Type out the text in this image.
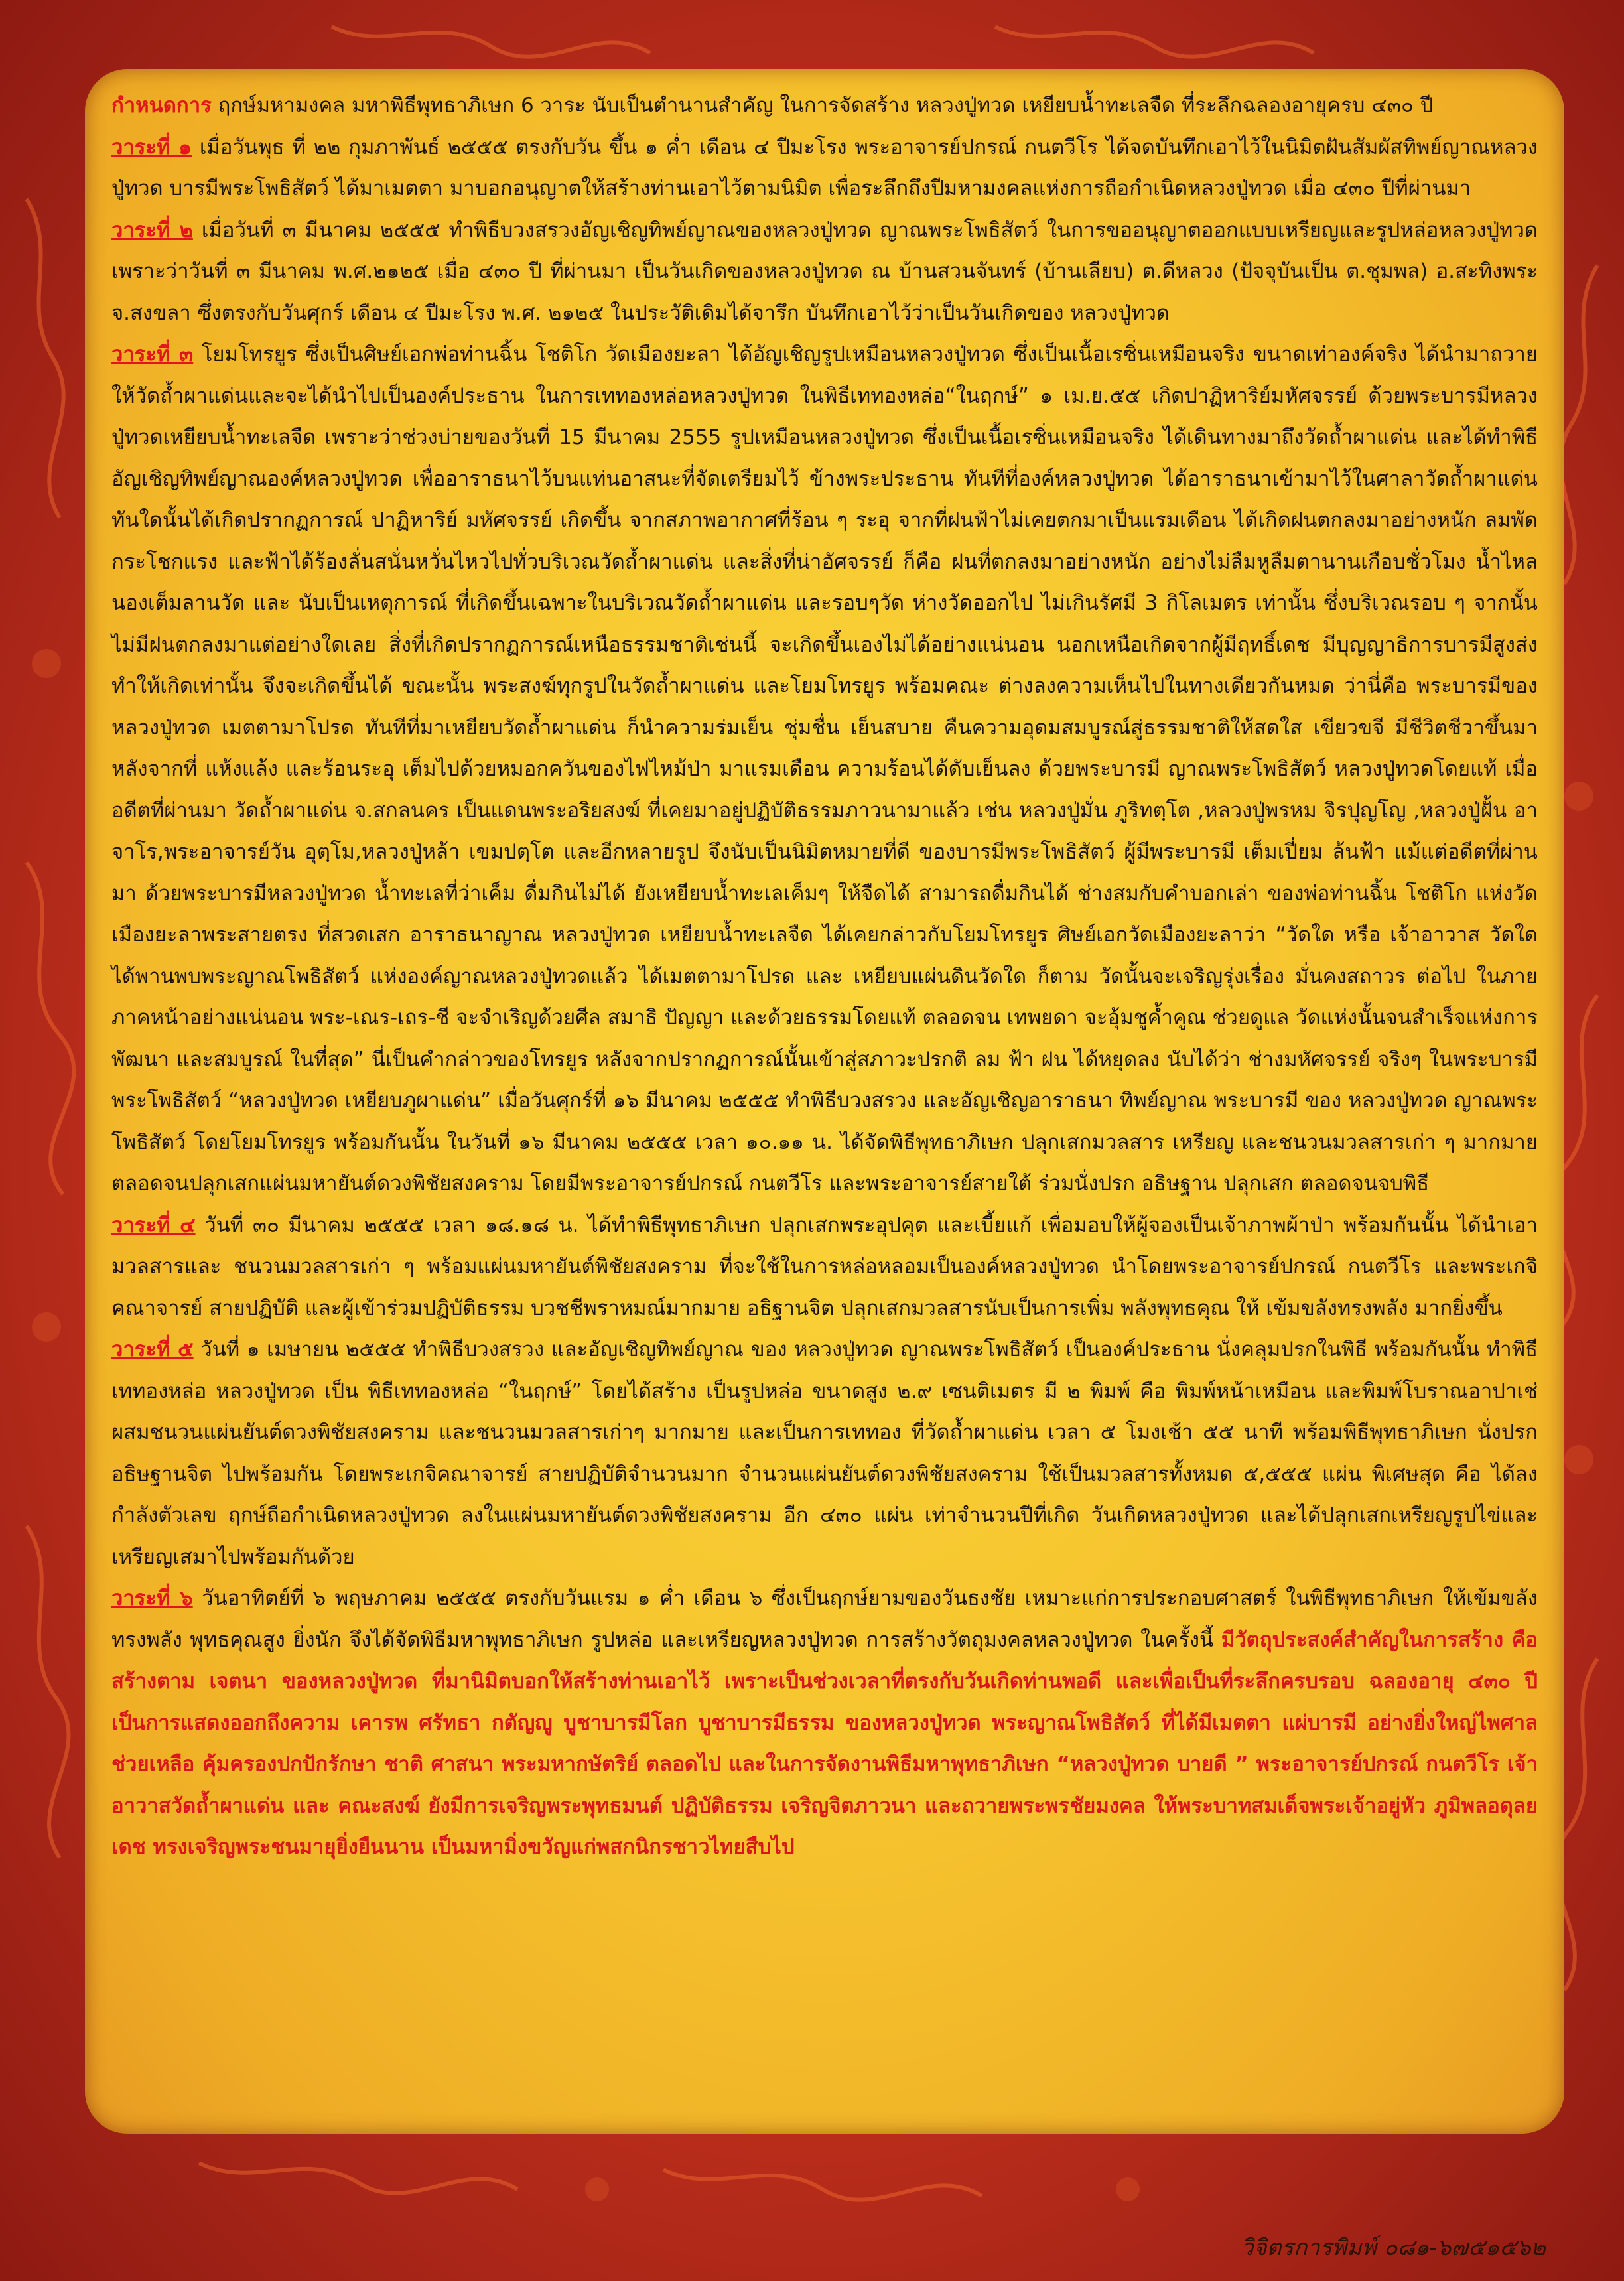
กำหนดการ ฤกษ์มหามงคล มหาพิธีพุทธาภิเษก 6 วาระ นับเป็นตำนานสำคัญ ในการจัดสร้าง หลวงปู่ทวด เหยียบน้ำทะเลจืด ที่ระลึกฉลองอายุครบ ๔๓๐ ปี

วาระที่ ๑ เมื่อวันพุธ ที่ ๒๒ กุมภาพันธ์ ๒๕๕๕ ตรงกับวัน ขึ้น ๑ ค่ำ เดือน ๔ ปีมะโรง พระอาจารย์ปกรณ์ กนตวีโร ได้จดบันทึกเอาไว้ในนิมิตฝันสัมผัสทิพย์ญาณหลวงปู่ทวด บารมีพระโพธิสัตว์ ได้มาเมตตา มาบอกอนุญาตให้สร้างท่านเอาไว้ตามนิมิต เพื่อระลึกถึงปีมหามงคลแห่งการถือกำเนิดหลวงปู่ทวด เมื่อ ๔๓๐ ปีที่ผ่านมา

วาระที่ ๒ เมื่อวันที่ ๓ มีนาคม ๒๕๕๕ ทำพิธีบวงสรวงอัญเชิญทิพย์ญาณของหลวงปู่ทวด ญาณพระโพธิสัตว์ ในการขออนุญาตออกแบบเหรียญและรูปหล่อหลวงปู่ทวด เพราะว่าวันที่ ๓ มีนาคม พ.ศ.๒๑๒๕ เมื่อ ๔๓๐ ปี ที่ผ่านมา เป็นวันเกิดของหลวงปู่ทวด ณ บ้านสวนจันทร์ (บ้านเลียบ) ต.ดีหลวง (ปัจจุบันเป็น ต.ชุมพล) อ.สะทิงพระ จ.สงขลา ซึ่งตรงกับวันศุกร์ เดือน ๔ ปีมะโรง พ.ศ. ๒๑๒๕ ในประวัติเดิมได้จารึก บันทึกเอาไว้ว่าเป็นวันเกิดของ หลวงปู่ทวด

วาระที่ ๓ โยมโทรยูร ซึ่งเป็นศิษย์เอกพ่อท่านฉิ้น โชติโก วัดเมืองยะลา ได้อัญเชิญรูปเหมือนหลวงปู่ทวด ซึ่งเป็นเนื้อเรซิ่นเหมือนจริง ขนาดเท่าองค์จริง ได้นำมาถวายให้วัดถ้ำผาแด่นและจะได้นำไปเป็นองค์ประธาน ในการเททองหล่อหลวงปู่ทวด ในพิธีเททองหล่อ“ในฤกษ์” ๑ เม.ย.๕๕ เกิดปาฏิหาริย์มหัศจรรย์ ด้วยพระบารมีหลวงปู่ทวดเหยียบน้ำทะเลจืด เพราะว่าช่วงบ่ายของวันที่ 15 มีนาคม 2555 รูปเหมือนหลวงปู่ทวด ซึ่งเป็นเนื้อเรซิ่นเหมือนจริง ได้เดินทางมาถึงวัดถ้ำผาแด่น และได้ทำพิธีอัญเชิญทิพย์ญาณองค์หลวงปู่ทวด เพื่ออาราธนาไว้บนแท่นอาสนะที่จัดเตรียมไว้ ข้างพระประธาน ทันทีที่องค์หลวงปู่ทวด ได้อาราธนาเข้ามาไว้ในศาลาวัดถ้ำผาแด่น ทันใดนั้นได้เกิดปรากฏการณ์ ปาฏิหาริย์ มหัศจรรย์ เกิดขึ้น จากสภาพอากาศที่ร้อน ๆ ระอุ จากที่ฝนฟ้าไม่เคยตกมาเป็นแรมเดือน ได้เกิดฝนตกลงมาอย่างหนัก ลมพัดกระโชกแรง และฟ้าได้ร้องลั่นสนั่นหวั่นไหวไปทั่วบริเวณวัดถ้ำผาแด่น และสิ่งที่น่าอัศจรรย์ ก็คือ ฝนที่ตกลงมาอย่างหนัก อย่างไม่ลืมหูลืมตานานเกือบชั่วโมง น้ำไหลนองเต็มลานวัด และ นับเป็นเหตุการณ์ ที่เกิดขึ้นเฉพาะในบริเวณวัดถ้ำผาแด่น และรอบๆวัด ห่างวัดออกไป ไม่เกินรัศมี 3 กิโลเมตร เท่านั้น ซึ่งบริเวณรอบ ๆ จากนั้น ไม่มีฝนตกลงมาแต่อย่างใดเลย สิ่งที่เกิดปรากฏการณ์เหนือธรรมชาติเช่นนี้ จะเกิดขึ้นเองไม่ได้อย่างแน่นอน นอกเหนือเกิดจากผู้มีฤทธิ์เดช มีบุญญาธิการบารมีสูงส่ง ทำให้เกิดเท่านั้น จึงจะเกิดขึ้นได้ ขณะนั้น พระสงฆ์ทุกรูปในวัดถ้ำผาแด่น และโยมโทรยูร พร้อมคณะ ต่างลงความเห็นไปในทางเดียวกันหมด ว่านี่คือ พระบารมีของหลวงปู่ทวด เมตตามาโปรด ทันทีที่มาเหยียบวัดถ้ำผาแด่น ก็นำความร่มเย็น ชุ่มชื่น เย็นสบาย คืนความอุดมสมบูรณ์สู่ธรรมชาติให้สดใส เขียวขจี มีชีวิตชีวาขึ้นมา หลังจากที่ แห้งแล้ง และร้อนระอุ เต็มไปด้วยหมอกควันของไฟไหม้ป่า มาแรมเดือน ความร้อนได้ดับเย็นลง ด้วยพระบารมี ญาณพระโพธิสัตว์ หลวงปู่ทวดโดยแท้ เมื่ออดีตที่ผ่านมา วัดถ้ำผาแด่น จ.สกลนคร เป็นแดนพระอริยสงฆ์ ที่เคยมาอยู่ปฏิบัติธรรมภาวนามาแล้ว เช่น หลวงปู่มั่น ภูริทตฺโต ,หลวงปู่พรหม จิรปุญโญ ,หลวงปู่ฝั้น อาจาโร,พระอาจารย์วัน อุตฺโม,หลวงปู่หล้า เขมปตฺโต และอีกหลายรูป จึงนับเป็นนิมิตหมายที่ดี ของบารมีพระโพธิสัตว์ ผู้มีพระบารมี เต็มเปี่ยม ล้นฟ้า แม้แต่อดีตที่ผ่านมา ด้วยพระบารมีหลวงปู่ทวด น้ำทะเลที่ว่าเค็ม ดื่มกินไม่ได้ ยังเหยียบน้ำทะเลเค็มๆ ให้จืดได้ สามารถดื่มกินได้ ช่างสมกับคำบอกเล่า ของพ่อท่านฉิ้น โชติโก แห่งวัดเมืองยะลาพระสายตรง ที่สวดเสก อาราธนาญาณ หลวงปู่ทวด เหยียบน้ำทะเลจืด ได้เคยกล่าวกับโยมโทรยูร ศิษย์เอกวัดเมืองยะลาว่า “วัดใด หรือ เจ้าอาวาส วัดใด ได้พานพบพระญาณโพธิสัตว์ แห่งองค์ญาณหลวงปู่ทวดแล้ว ได้เมตตามาโปรด และ เหยียบแผ่นดินวัดใด ก็ตาม วัดนั้นจะเจริญรุ่งเรื่อง มั่นคงสถาวร ต่อไป ในภายภาคหน้าอย่างแน่นอน พระ-เณร-เถร-ชี จะจำเริญด้วยศีล สมาธิ ปัญญา และด้วยธรรมโดยแท้ ตลอดจน เทพยดา จะอุ้มชูค้ำคูณ ช่วยดูแล วัดแห่งนั้นจนสำเร็จแห่งการพัฒนา และสมบูรณ์ ในที่สุด” นี่เป็นคำกล่าวของโทรยูร หลังจากปรากฏการณ์นั้นเข้าสู่สภาวะปรกติ ลม ฟ้า ฝน ได้หยุดลง นับได้ว่า ช่างมหัศจรรย์ จริงๆ ในพระบารมีพระโพธิสัตว์ “หลวงปู่ทวด เหยียบภูผาแด่น” เมื่อวันศุกร์ที่ ๑๖ มีนาคม ๒๕๕๕ ทำพิธีบวงสรวง และอัญเชิญอาราธนา ทิพย์ญาณ พระบารมี ของ หลวงปู่ทวด ญาณพระโพธิสัตว์ โดยโยมโทรยูร พร้อมกันนั้น ในวันที่ ๑๖ มีนาคม ๒๕๕๕ เวลา ๑๐.๑๑ น. ได้จัดพิธีพุทธาภิเษก ปลุกเสกมวลสาร เหรียญ และชนวนมวลสารเก่า ๆ มากมาย ตลอดจนปลุกเสกแผ่นมหายันต์ดวงพิชัยสงคราม โดยมีพระอาจารย์ปกรณ์ กนตวีโร และพระอาจารย์สายใต้ ร่วมนั่งปรก อธิษฐาน ปลุกเสก ตลอดจนจบพิธี

วาระที่ ๔ วันที่ ๓๐ มีนาคม ๒๕๕๕ เวลา ๑๘.๑๘ น. ได้ทำพิธีพุทธาภิเษก ปลุกเสกพระอุปคุต และเบี้ยแก้ เพื่อมอบให้ผู้จองเป็นเจ้าภาพผ้าป่า พร้อมกันนั้น ได้นำเอามวลสารและ ชนวนมวลสารเก่า ๆ พร้อมแผ่นมหายันต์พิชัยสงคราม ที่จะใช้ในการหล่อหลอมเป็นองค์หลวงปู่ทวด นำโดยพระอาจารย์ปกรณ์ กนตวีโร และพระเกจิคณาจารย์ สายปฏิบัติ และผู้เข้าร่วมปฏิบัติธรรม บวชชีพราหมณ์มากมาย อธิฐานจิต ปลุกเสกมวลสารนับเป็นการเพิ่ม พลังพุทธคุณ ให้ เข้มขลังทรงพลัง มากยิ่งขึ้น

วาระที่ ๕ วันที่ ๑ เมษายน ๒๕๕๕ ทำพิธีบวงสรวง และอัญเชิญทิพย์ญาณ ของ หลวงปู่ทวด ญาณพระโพธิสัตว์ เป็นองค์ประธาน นั่งคลุมปรกในพิธี พร้อมกันนั้น ทำพิธีเททองหล่อ หลวงปู่ทวด เป็น พิธีเททองหล่อ “ในฤกษ์” โดยได้สร้าง เป็นรูปหล่อ ขนาดสูง ๒.๙ เซนติเมตร มี ๒ พิมพ์ คือ พิมพ์หน้าเหมือน และพิมพ์โบราณอาปาเช่ ผสมชนวนแผ่นยันต์ดวงพิชัยสงคราม และชนวนมวลสารเก่าๆ มากมาย และเป็นการเททอง ที่วัดถ้ำผาแด่น เวลา ๕ โมงเช้า ๕๕ นาที พร้อมพิธีพุทธาภิเษก นั่งปรก อธิษฐานจิต ไปพร้อมกัน โดยพระเกจิคณาจารย์ สายปฏิบัติจำนวนมาก จำนวนแผ่นยันต์ดวงพิชัยสงคราม ใช้เป็นมวลสารทั้งหมด ๕,๕๕๕ แผ่น พิเศษสุด คือ ได้ลงกำลังตัวเลข ฤกษ์ถือกำเนิดหลวงปู่ทวด ลงในแผ่นมหายันต์ดวงพิชัยสงคราม อีก ๔๓๐ แผ่น เท่าจำนวนปีที่เกิด วันเกิดหลวงปู่ทวด และได้ปลุกเสกเหรียญรูปไข่และเหรียญเสมาไปพร้อมกันด้วย

วาระที่ ๖ วันอาทิตย์ที่ ๖ พฤษภาคม ๒๕๕๕ ตรงกับวันแรม ๑ ค่ำ เดือน ๖ ซึ่งเป็นฤกษ์ยามของวันธงชัย เหมาะแก่การประกอบศาสตร์ ในพิธีพุทธาภิเษก ให้เข้มขลังทรงพลัง พุทธคุณสูง ยิ่งนัก จึงได้จัดพิธีมหาพุทธาภิเษก รูปหล่อ และเหรียญหลวงปู่ทวด การสร้างวัตถุมงคลหลวงปู่ทวด ในครั้งนี้ มีวัตถุประสงค์สำคัญในการสร้าง คือสร้างตาม เจตนา ของหลวงปู่ทวด ที่มานิมิตบอกให้สร้างท่านเอาไว้ เพราะเป็นช่วงเวลาที่ตรงกับวันเกิดท่านพอดี และเพื่อเป็นที่ระลึกครบรอบ ฉลองอายุ ๔๓๐ ปี เป็นการแสดงออกถึงความ เคารพ ศรัทธา กตัญญู บูชาบารมีโลก บูชาบารมีธรรม ของหลวงปู่ทวด พระญาณโพธิสัตว์ ที่ได้มีเมตตา แผ่บารมี อย่างยิ่งใหญ่ไพศาล ช่วยเหลือ คุ้มครองปกปักรักษา ชาติ ศาสนา พระมหากษัตริย์ ตลอดไป และในการจัดงานพิธีมหาพุทธาภิเษก “หลวงปู่ทวด บายดี ” พระอาจารย์ปกรณ์ กนตวีโร เจ้าอาวาสวัดถ้ำผาแด่น และ คณะสงฆ์ ยังมีการเจริญพระพุทธมนต์ ปฏิบัติธรรม เจริญจิตภาวนา และถวายพระพรชัยมงคล ให้พระบาทสมเด็จพระเจ้าอยู่หัว ภูมิพลอดุลยเดช ทรงเจริญพระชนมายุยิ่งยืนนาน เป็นมหามิ่งขวัญแก่พสกนิกรชาวไทยสืบไป

วิจิตรการพิมพ์ ๐๘๑-๖๗๕๑๕๖๒
